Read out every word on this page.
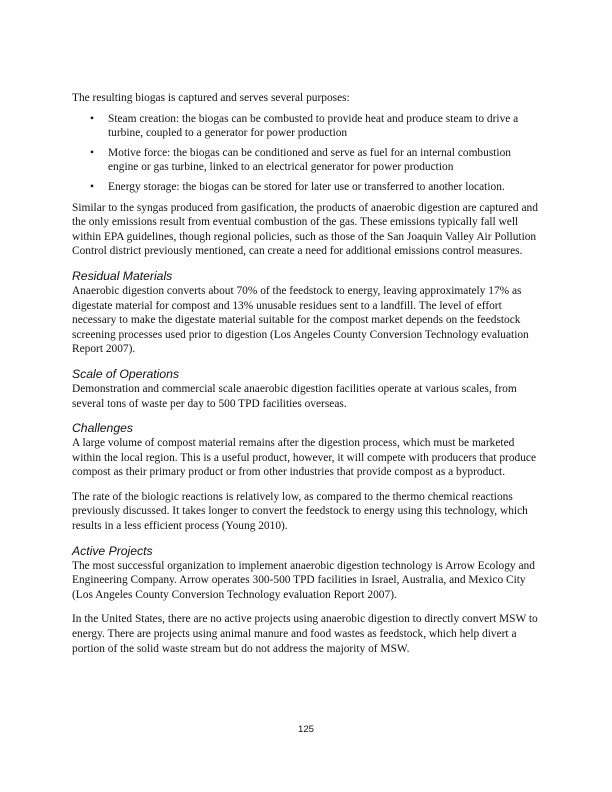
The resulting biogas is captured and serves several purposes:

• Steam creation: the biogas can be combusted to provide heat and produce steam to drive a turbine, coupled to a generator for power production
• Motive force: the biogas can be conditioned and serve as fuel for an internal combustion engine or gas turbine, linked to an electrical generator for power production
• Energy storage: the biogas can be stored for later use or transferred to another location.

Similar to the syngas produced from gasification, the products of anaerobic digestion are captured and the only emissions result from eventual combustion of the gas. These emissions typically fall well within EPA guidelines, though regional policies, such as those of the San Joaquin Valley Air Pollution Control district previously mentioned, can create a need for additional emissions control measures.

Residual Materials

Anaerobic digestion converts about 70% of the feedstock to energy, leaving approximately 17% as digestate material for compost and 13% unusable residues sent to a landfill. The level of effort necessary to make the digestate material suitable for the compost market depends on the feedstock screening processes used prior to digestion (Los Angeles County Conversion Technology evaluation Report 2007).

Scale of Operations

Demonstration and commercial scale anaerobic digestion facilities operate at various scales, from several tons of waste per day to 500 TPD facilities overseas.

Challenges

A large volume of compost material remains after the digestion process, which must be marketed within the local region. This is a useful product, however, it will compete with producers that produce compost as their primary product or from other industries that provide compost as a byproduct.

The rate of the biologic reactions is relatively low, as compared to the thermo chemical reactions previously discussed. It takes longer to convert the feedstock to energy using this technology, which results in a less efficient process (Young 2010).

Active Projects

The most successful organization to implement anaerobic digestion technology is Arrow Ecology and Engineering Company. Arrow operates 300-500 TPD facilities in Israel, Australia, and Mexico City (Los Angeles County Conversion Technology evaluation Report 2007).

In the United States, there are no active projects using anaerobic digestion to directly convert MSW to energy. There are projects using animal manure and food wastes as feedstock, which help divert a portion of the solid waste stream but do not address the majority of MSW.

125
